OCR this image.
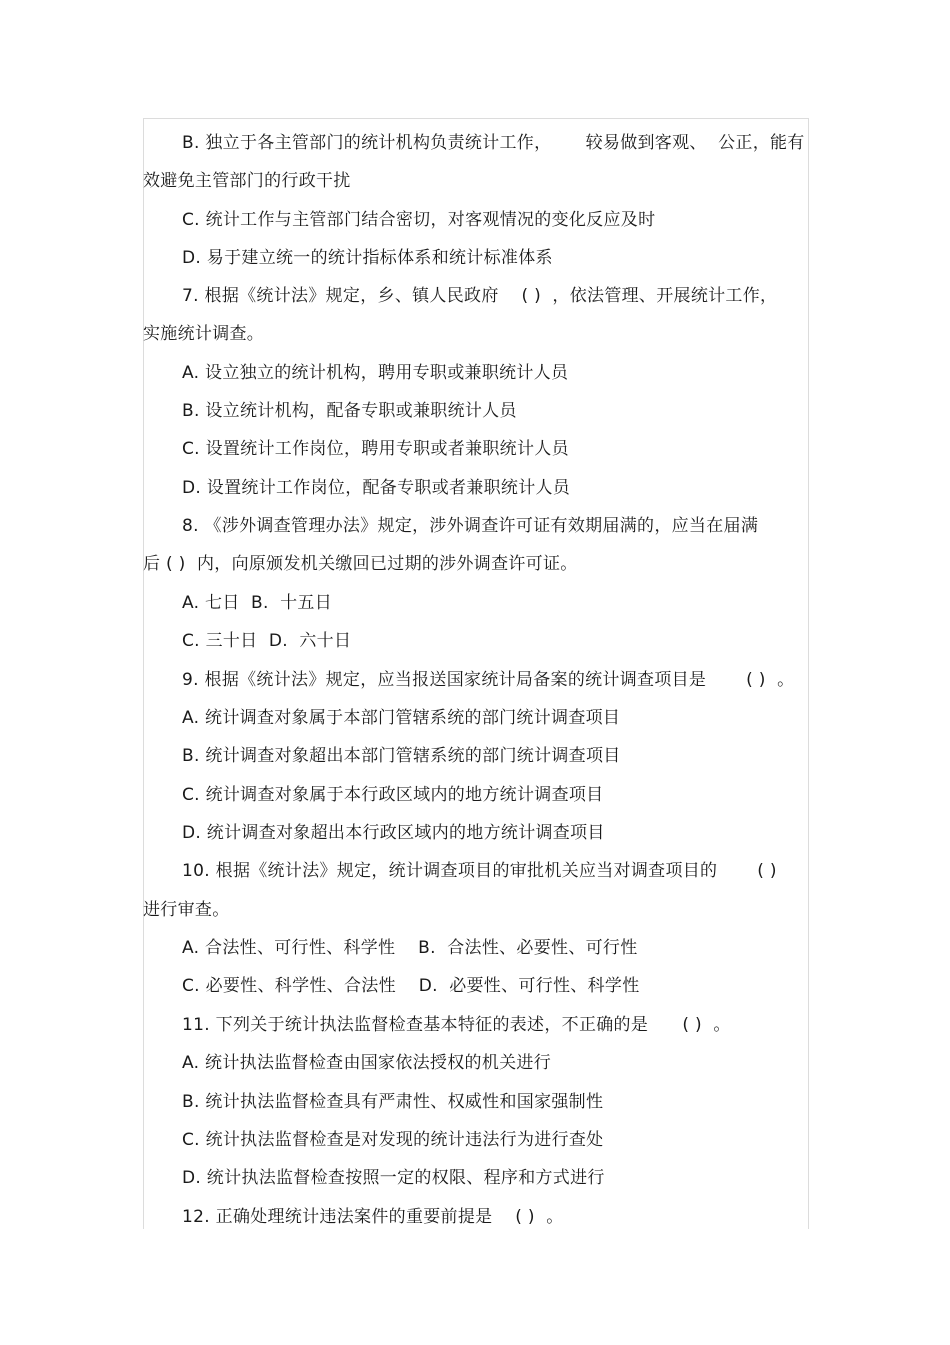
B. 独立于各主管部门的统计机构负责统计工作，      较易做到客观、  公正，能有
效避免主管部门的行政干扰
C. 统计工作与主管部门结合密切，对客观情况的变化反应及时
D. 易于建立统一的统计指标体系和统计标准体系
7. 根据《统计法》规定，乡、镇人民政府    ( )  ，依法管理、开展统计工作，
实施统计调查。
A. 设立独立的统计机构，聘用专职或兼职统计人员
B. 设立统计机构，配备专职或兼职统计人员
C. 设置统计工作岗位，聘用专职或者兼职统计人员
D. 设置统计工作岗位，配备专职或者兼职统计人员
8. 《涉外调查管理办法》规定，涉外调查许可证有效期届满的，应当在届满
后 ( )  内，向原颁发机关缴回已过期的涉外调查许可证。
A. 七日  B.  十五日
C. 三十日  D.  六十日
9. 根据《统计法》规定，应当报送国家统计局备案的统计调查项目是       ( )  。
A. 统计调查对象属于本部门管辖系统的部门统计调查项目
B. 统计调查对象超出本部门管辖系统的部门统计调查项目
C. 统计调查对象属于本行政区域内的地方统计调查项目
D. 统计调查对象超出本行政区域内的地方统计调查项目
10. 根据《统计法》规定，统计调查项目的审批机关应当对调查项目的       ( )
进行审查。
A. 合法性、可行性、科学性    B.  合法性、必要性、可行性
C. 必要性、科学性、合法性    D.  必要性、可行性、科学性
11. 下列关于统计执法监督检查基本特征的表述，不正确的是      ( )  。
A. 统计执法监督检查由国家依法授权的机关进行
B. 统计执法监督检查具有严肃性、权威性和国家强制性
C. 统计执法监督检查是对发现的统计违法行为进行查处
D. 统计执法监督检查按照一定的权限、程序和方式进行
12. 正确处理统计违法案件的重要前提是    ( )  。
